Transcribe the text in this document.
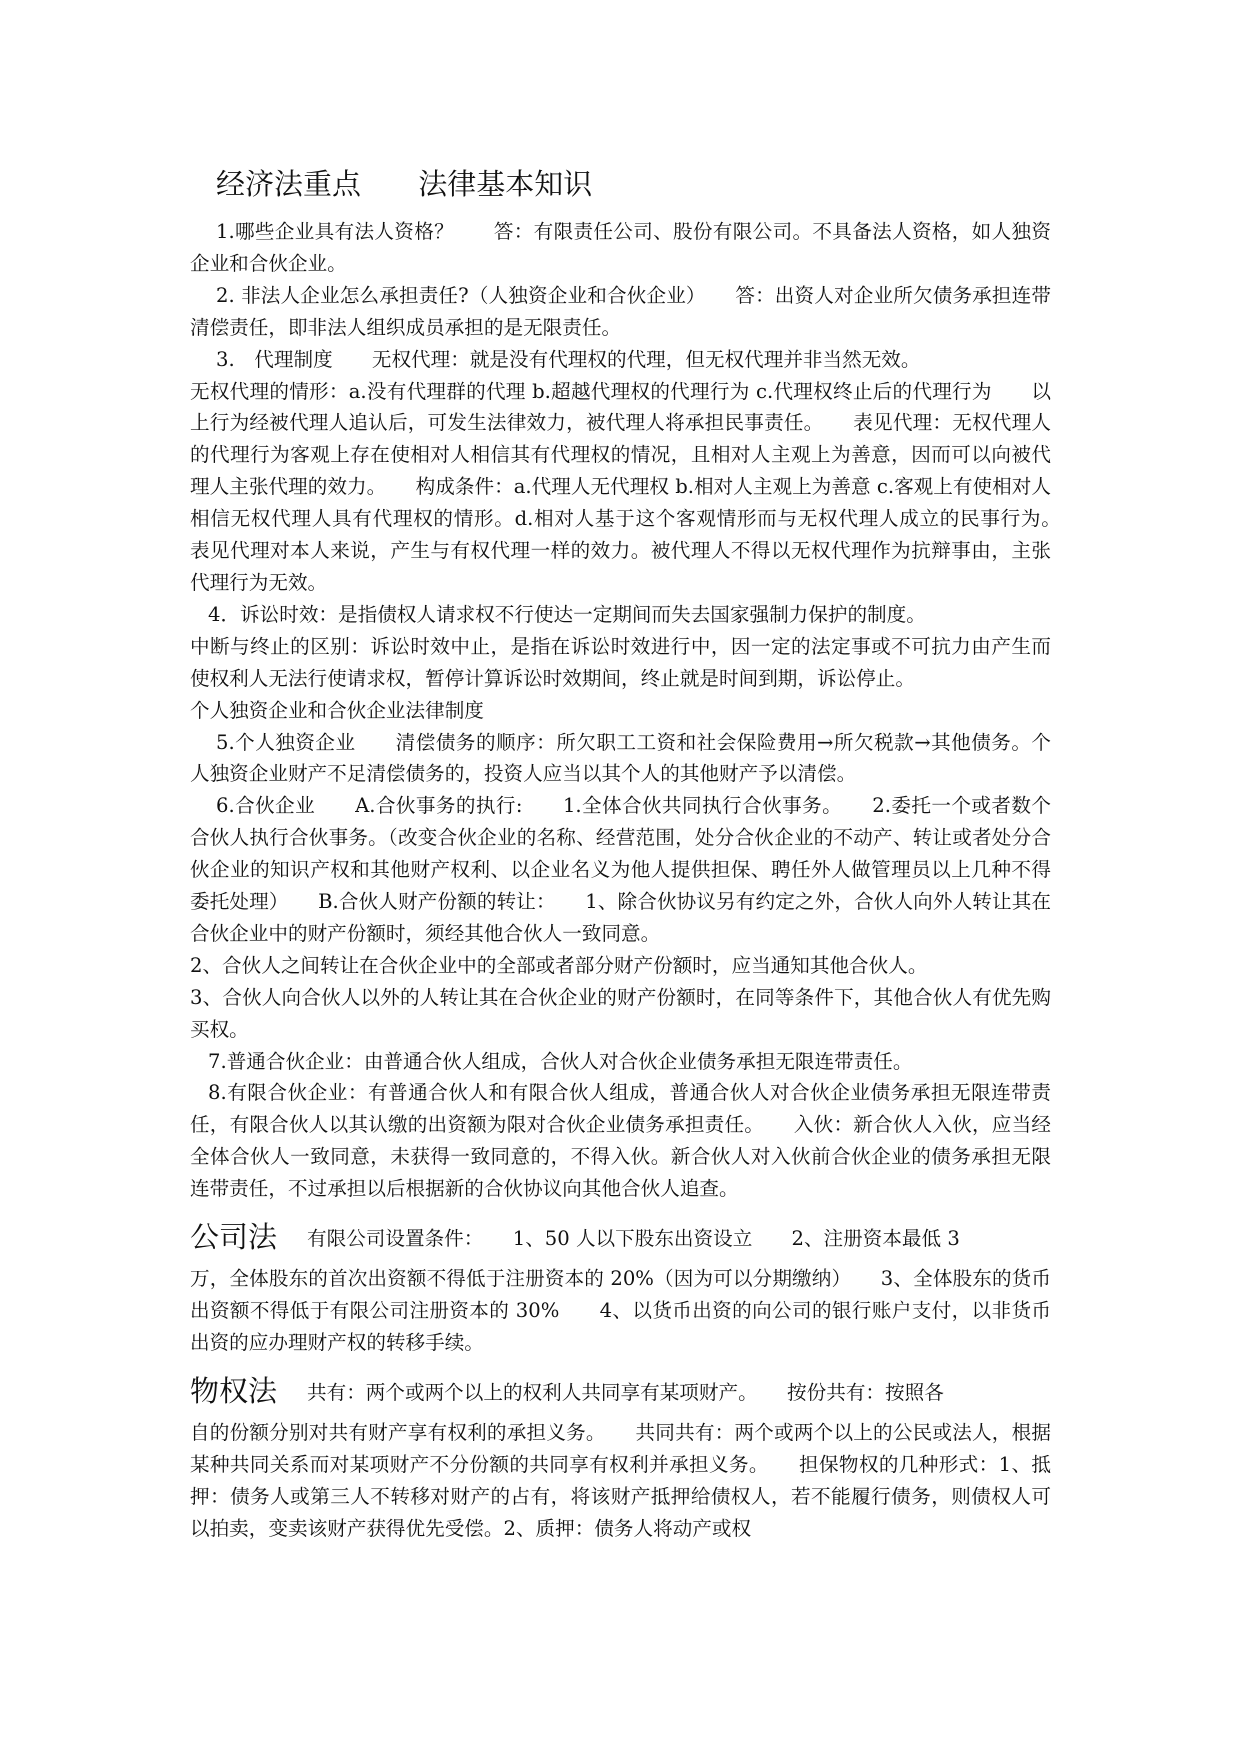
经济法重点 法律基本知识

1.哪些企业具有法人资格？　　答：有限责任公司、股份有限公司。不具备法人资格，如人独资企业和合伙企业。

2. 非法人企业怎么承担责任?（人独资企业和合伙企业）　　答：出资人对企业所欠债务承担连带清偿责任，即非法人组织成员承担的是无限责任。

3.　代理制度　　无权代理：就是没有代理权的代理，但无权代理并非当然无效。

无权代理的情形：a.没有代理群的代理 b.超越代理权的代理行为 c.代理权终止后的代理行为　　以上行为经被代理人追认后，可发生法律效力，被代理人将承担民事责任。　　表见代理：无权代理人的代理行为客观上存在使相对人相信其有代理权的情况，且相对人主观上为善意，因而可以向被代理人主张代理的效力。　　构成条件：a.代理人无代理权 b.相对人主观上为善意 c.客观上有使相对人相信无权代理人具有代理权的情形。d.相对人基于这个客观情形而与无权代理人成立的民事行为。　　表见代理对本人来说，产生与有权代理一样的效力。被代理人不得以无权代理作为抗辩事由，主张代理行为无效。

4．诉讼时效：是指债权人请求权不行使达一定期间而失去国家强制力保护的制度。

中断与终止的区别：诉讼时效中止，是指在诉讼时效进行中，因一定的法定事或不可抗力由产生而使权利人无法行使请求权，暂停计算诉讼时效期间，终止就是时间到期，诉讼停止。

个人独资企业和合伙企业法律制度

5.个人独资企业　　清偿债务的顺序：所欠职工工资和社会保险费用→所欠税款→其他债务。个人独资企业财产不足清偿债务的，投资人应当以其个人的其他财产予以清偿。

6.合伙企业　　A.合伙事务的执行:　　1.全体合伙共同执行合伙事务。　　2.委托一个或者数个合伙人执行合伙事务。（改变合伙企业的名称、经营范围，处分合伙企业的不动产、转让或者处分合伙企业的知识产权和其他财产权利、以企业名义为他人提供担保、聘任外人做管理员以上几种不得委托处理）　　B.合伙人财产份额的转让：　　1、除合伙协议另有约定之外，合伙人向外人转让其在合伙企业中的财产份额时，须经其他合伙人一致同意。

2、合伙人之间转让在合伙企业中的全部或者部分财产份额时，应当通知其他合伙人。

3、合伙人向合伙人以外的人转让其在合伙企业的财产份额时，在同等条件下，其他合伙人有优先购买权。

7.普通合伙企业：由普通合伙人组成，合伙人对合伙企业债务承担无限连带责任。

8.有限合伙企业：有普通合伙人和有限合伙人组成，普通合伙人对合伙企业债务承担无限连带责任，有限合伙人以其认缴的出资额为限对合伙企业债务承担责任。　　入伙：新合伙人入伙，应当经全体合伙人一致同意，未获得一致同意的，不得入伙。新合伙人对入伙前合伙企业的债务承担无限连带责任，不过承担以后根据新的合伙协议向其他合伙人追查。

公司法 有限公司设置条件：　　1、50 人以下股东出资设立　　2、注册资本最低 3

万，全体股东的首次出资额不得低于注册资本的 20%（因为可以分期缴纳）　　3、全体股东的货币出资额不得低于有限公司注册资本的 30%　　4、以货币出资的向公司的银行账户支付，以非货币出资的应办理财产权的转移手续。

物权法 共有：两个或两个以上的权利人共同享有某项财产。　　按份共有：按照各

自的份额分别对共有财产享有权利的承担义务。　　共同共有：两个或两个以上的公民或法人，根据某种共同关系而对某项财产不分份额的共同享有权利并承担义务。　　担保物权的几种形式：1、抵押：债务人或第三人不转移对财产的占有，将该财产抵押给债权人，若不能履行债务，则债权人可以拍卖，变卖该财产获得优先受偿。2、质押：债务人将动产或权
